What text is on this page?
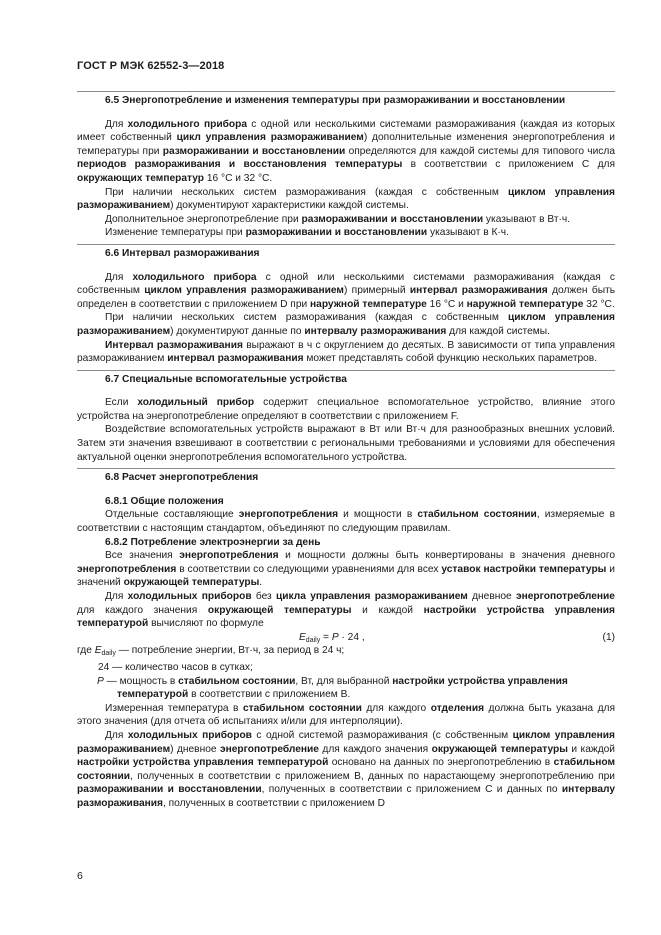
ГОСТ Р МЭК 62552-3—2018
6.5 Энергопотребление и изменения температуры при размораживании и восстановлении
Для холодильного прибора с одной или несколькими системами размораживания (каждая из которых имеет собственный цикл управления размораживанием) дополнительные изменения энергопотребления и температуры при размораживании и восстановлении определяются для каждой системы для типового числа периодов размораживания и восстановления температуры в соответствии с приложением С для окружающих температур 16 °С и 32 °С.
При наличии нескольких систем размораживания (каждая с собственным циклом управления размораживанием) документируют характеристики каждой системы.
Дополнительное энергопотребление при размораживании и восстановлении указывают в Вт·ч.
Изменение температуры при размораживании и восстановлении указывают в К·ч.
6.6 Интервал размораживания
Для холодильного прибора с одной или несколькими системами размораживания (каждая с собственным циклом управления размораживанием) примерный интервал размораживания должен быть определен в соответствии с приложением D при наружной температуре 16 °С и наружной температуре 32 °С.
При наличии нескольких систем размораживания (каждая с собственным циклом управления размораживанием) документируют данные по интервалу размораживания для каждой системы.
Интервал размораживания выражают в ч с округлением до десятых. В зависимости от типа управления размораживанием интервал размораживания может представлять собой функцию нескольких параметров.
6.7 Специальные вспомогательные устройства
Если холодильный прибор содержит специальное вспомогательное устройство, влияние этого устройства на энергопотребление определяют в соответствии с приложением F.
Воздействие вспомогательных устройств выражают в Вт или Вт·ч для разнообразных внешних условий. Затем эти значения взвешивают в соответствии с региональными требованиями и условиями для обеспечения актуальной оценки энергопотребления вспомогательного устройства.
6.8 Расчет энергопотребления
6.8.1 Общие положения
Отдельные составляющие энергопотребления и мощности в стабильном состоянии, измеряемые в соответствии с настоящим стандартом, объединяют по следующим правилам.
6.8.2 Потребление электроэнергии за день
Все значения энергопотребления и мощности должны быть конвертированы в значения дневного энергопотребления в соответствии со следующими уравнениями для всех уставок настройки температуры и значений окружающей температуры.
Для холодильных приборов без цикла управления размораживанием дневное энергопотребление для каждого значения окружающей температуры и каждой настройки устройства управления температурой вычисляют по формуле
$E_{daily} = P \cdot 24$ ,	(1)
где $E_{daily}$ — потребление энергии, Вт·ч, за период в 24 ч;
24 — количество часов в сутках;
P — мощность в стабильном состоянии, Вт, для выбранной настройки устройства управления температурой в соответствии с приложением В.
Измеренная температура в стабильном состоянии для каждого отделения должна быть указана для этого значения (для отчета об испытаниях и/или для интерполяции).
Для холодильных приборов с одной системой размораживания (с собственным циклом управления размораживанием) дневное энергопотребление для каждого значения окружающей температуры и каждой настройки устройства управления температурой основано на данных по энергопотреблению в стабильном состоянии, полученных в соответствии с приложением В, данных по нарастающему энергопотреблению при размораживании и восстановлении, полученных в соответствии с приложением С и данных по интервалу размораживания, полученных в соответствии с приложением D
6
